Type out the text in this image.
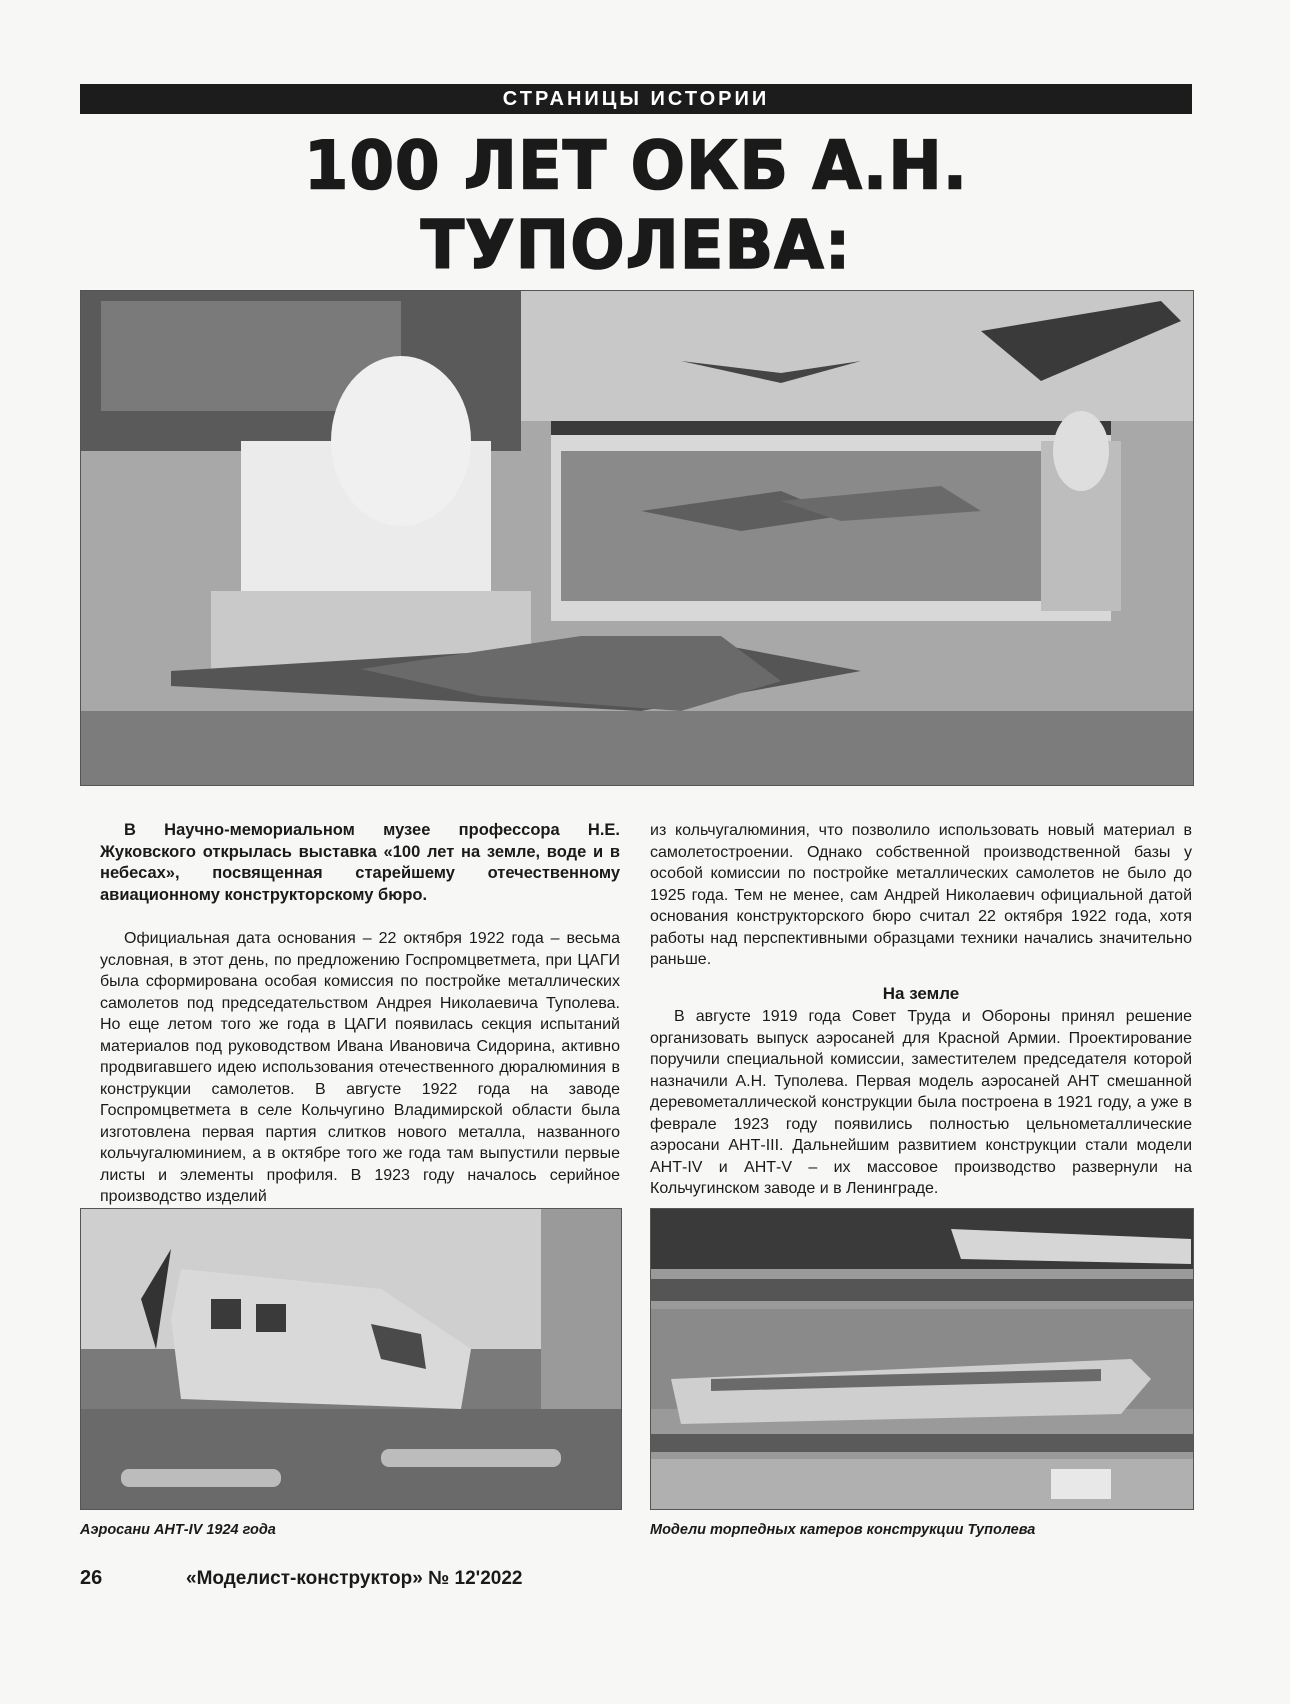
СТРАНИЦЫ ИСТОРИИ
100 ЛЕТ ОКБ А.Н. ТУПОЛЕВА:

В Научно-мемориальном музее профессора Н.Е. Жуковского открылась выставка «100 лет на земле, воде и в небесах», посвященная старейшему отечественному авиационному конструкторскому бюро.

Официальная дата основания – 22 октября 1922 года – весьма условная, в этот день, по предложению Госпромцветмета, при ЦАГИ была сформирована особая комиссия по постройке металлических самолетов под председательством Андрея Николаевича Туполева. Но еще летом того же года в ЦАГИ появилась секция испытаний материалов под руководством Ивана Ивановича Сидорина, активно продвигавшего идею использования отечественного дюралюминия в конструкции самолетов. В августе 1922 года на заводе Госпромцветмета в селе Кольчугино Владимирской области была изготовлена первая партия слитков нового металла, названного кольчугалюминием, а в октябре того же года там выпустили первые листы и элементы профиля. В 1923 году началось серийное производство изделий

из кольчугалюминия, что позволило использовать новый материал в самолетостроении. Однако собственной производственной базы у особой комиссии по постройке металлических самолетов не было до 1925 года. Тем не менее, сам Андрей Николаевич официальной датой основания конструкторского бюро считал 22 октября 1922 года, хотя работы над перспективными образцами техники начались значительно раньше.

На земле

В августе 1919 года Совет Труда и Обороны принял решение организовать выпуск аэросаней для Красной Армии. Проектирование поручили специальной комиссии, заместителем председателя которой назначили А.Н. Туполева. Первая модель аэросаней АНТ смешанной деревометаллической конструкции была построена в 1921 году, а уже в феврале 1923 году появились полностью цельнометаллические аэросани АНТ-III. Дальнейшим развитием конструкции стали модели АНТ-IV и АНТ-V – их массовое производство развернули на Кольчугинском заводе и в Ленинграде.

Аэросани АНТ-IV 1924 года	Модели торпедных катеров конструкции Туполева
26	«Моделист-конструктор» № 12'2022
